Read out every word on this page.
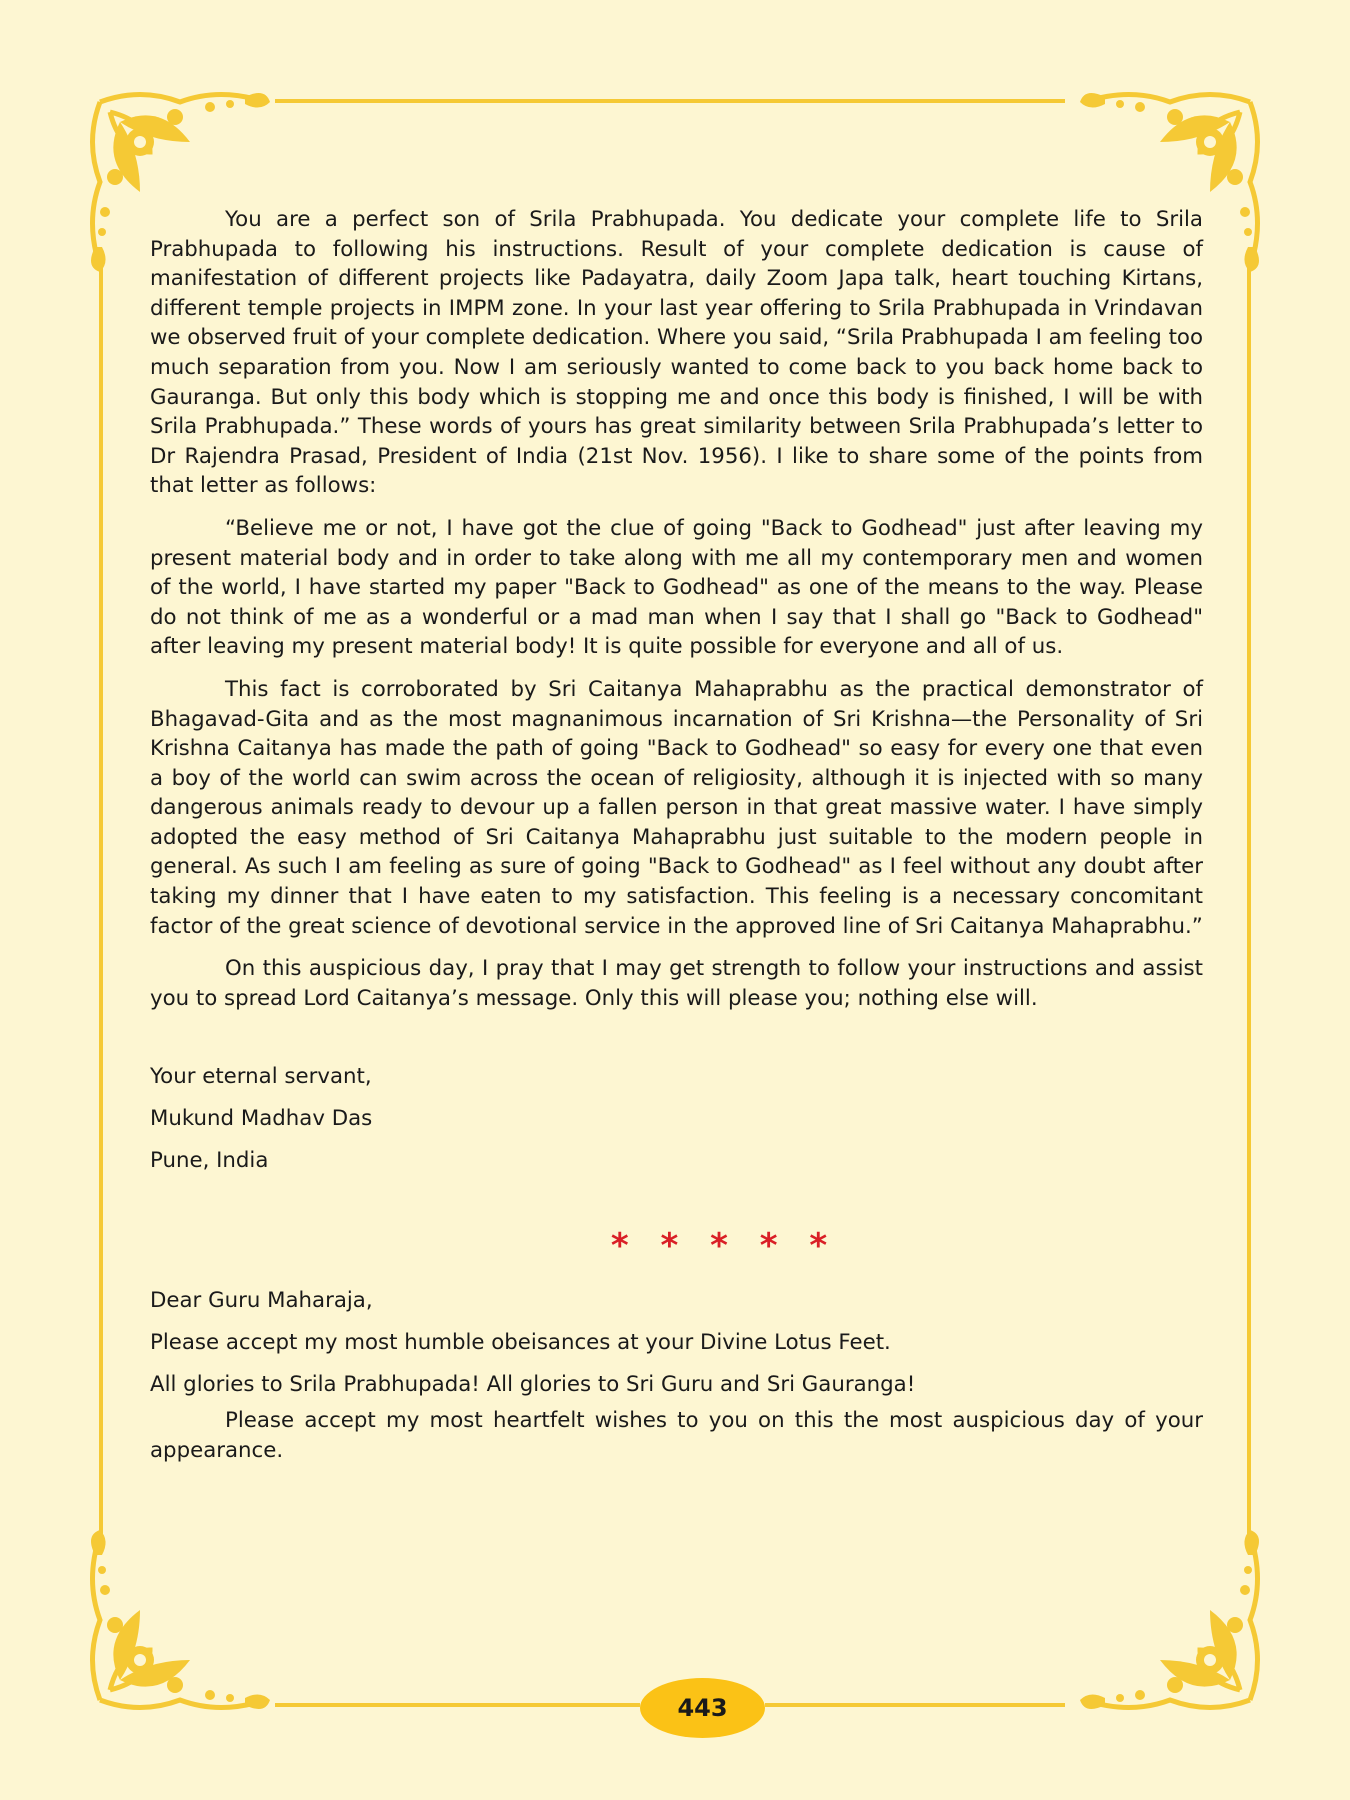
You are a perfect son of Srila Prabhupada. You dedicate your complete life to Srila Prabhupada to following his instructions. Result of your complete dedication is cause of manifestation of different projects like Padayatra, daily Zoom Japa talk, heart touching Kirtans, different temple projects in IMPM zone. In your last year offering to Srila Prabhupada in Vrindavan we observed fruit of your complete dedication. Where you said, “Srila Prabhupada I am feeling too much separation from you. Now I am seriously wanted to come back to you back home back to Gauranga. But only this body which is stopping me and once this body is finished, I will be with Srila Prabhupada.” These words of yours has great similarity between Srila Prabhupada’s letter to Dr Rajendra Prasad, President of India (21st Nov. 1956). I like to share some of the points from that letter as follows:

“Believe me or not, I have got the clue of going "Back to Godhead" just after leaving my present material body and in order to take along with me all my contemporary men and women of the world, I have started my paper "Back to Godhead" as one of the means to the way. Please do not think of me as a wonderful or a mad man when I say that I shall go "Back to Godhead" after leaving my present material body! It is quite possible for everyone and all of us.

This fact is corroborated by Sri Caitanya Mahaprabhu as the practical demonstrator of Bhagavad-Gita and as the most magnanimous incarnation of Sri Krishna—the Personality of Sri Krishna Caitanya has made the path of going "Back to Godhead" so easy for every one that even a boy of the world can swim across the ocean of religiosity, although it is injected with so many dangerous animals ready to devour up a fallen person in that great massive water. I have simply adopted the easy method of Sri Caitanya Mahaprabhu just suitable to the modern people in general. As such I am feeling as sure of going "Back to Godhead" as I feel without any doubt after taking my dinner that I have eaten to my satisfaction. This feeling is a necessary concomitant factor of the great science of devotional service in the approved line of Sri Caitanya Mahaprabhu.”

On this auspicious day, I pray that I may get strength to follow your instructions and assist you to spread Lord Caitanya’s message. Only this will please you; nothing else will.

Your eternal servant,
Mukund Madhav Das
Pune, India
* * * * *
Dear Guru Maharaja,
Please accept my most humble obeisances at your Divine Lotus Feet.
All glories to Srila Prabhupada! All glories to Sri Guru and Sri Gauranga!

Please accept my most heartfelt wishes to you on this the most auspicious day of your appearance.

443
